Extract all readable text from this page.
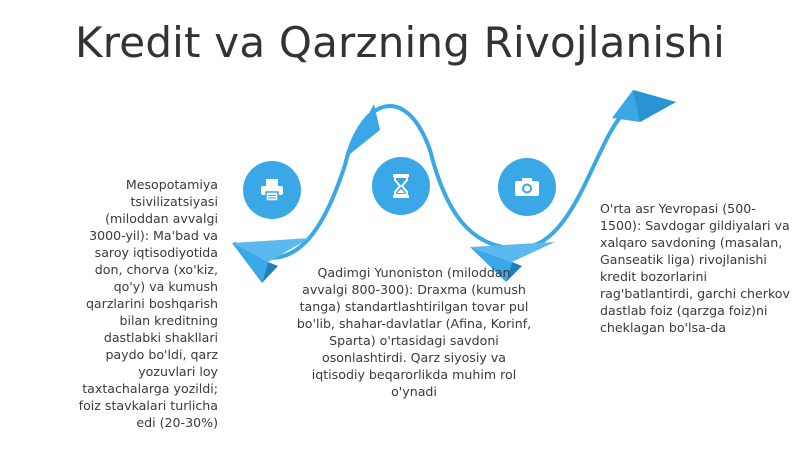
Kredit va Qarzning Rivojlanishi
Mesopotamiya tsivilizatsiyasi (miloddan avvalgi 3000-yil): Ma'bad va saroy iqtisodiyotida don, chorva (xo'kiz, qo'y) va kumush qarzlarini boshqarish bilan kreditning dastlabki shakllari paydo bo'ldi, qarz yozuvlari loy taxtachalarga yozildi; foiz stavkalari turlicha edi (20-30%)
Qadimgi Yunoniston (miloddan avvalgi 800-300): Draxma (kumush tanga) standartlashtirilgan tovar pul bo'lib, shahar-davlatlar (Afina, Korinf, Sparta) o'rtasidagi savdoni osonlashtirdi. Qarz siyosiy va iqtisodiy beqarorlikda muhim rol o'ynadi
O'rta asr Yevropasi (500-1500): Savdogar gildiyalari va xalqaro savdoning (masalan, Ganseatik liga) rivojlanishi kredit bozorlarini rag'batlantirdi, garchi cherkov dastlab foiz (qarzga foiz)ni cheklagan bo'lsa-da
